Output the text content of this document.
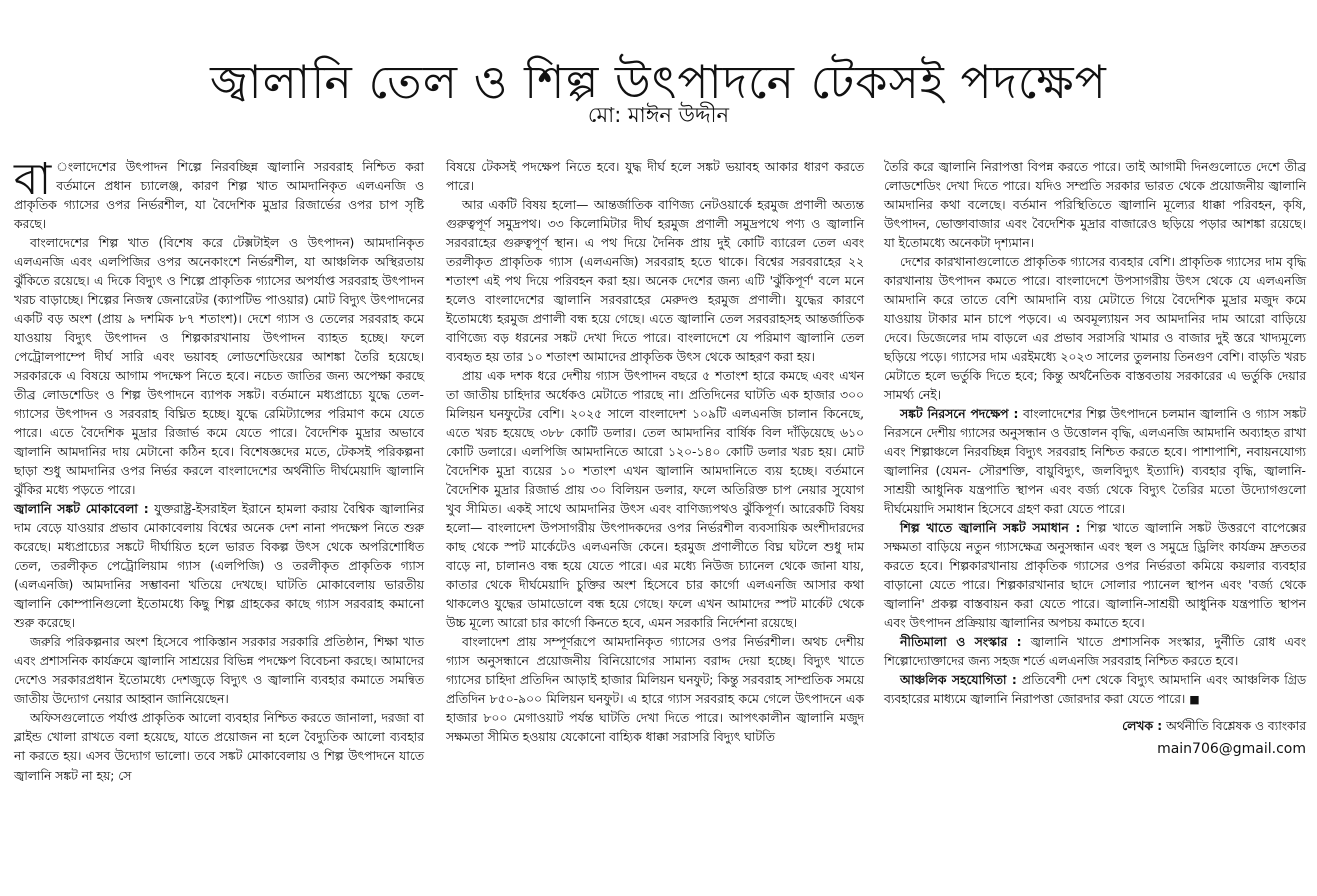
জ্বালানি তেল ও শিল্প উৎপাদনে টেকসই পদক্ষেপ
মো: মাঈন উদ্দীন

বা ংলাদেশের উৎপাদন শিল্পে নিরবচ্ছিন্ন জ্বালানি সরবরাহ নিশ্চিত করা বর্তমানে প্রধান চ্যালেঞ্জ, কারণ শিল্প খাত আমদানিকৃত এলএনজি ও প্রাকৃতিক গ্যাসের ওপর নির্ভরশীল, যা বৈদেশিক মুদ্রার রিজার্ভের ওপর চাপ সৃষ্টি করছে।

বাংলাদেশের শিল্প খাত (বিশেষ করে টেক্সটাইল ও উৎপাদন) আমদানিকৃত এলএনজি এবং এলপিজির ওপর অনেকাংশে নির্ভরশীল, যা আঞ্চলিক অস্থিরতায় ঝুঁকিতে রয়েছে। এ দিকে বিদ্যুৎ ও শিল্পে প্রাকৃতিক গ্যাসের অপর্যাপ্ত সরবরাহ উৎপাদন খরচ বাড়াচ্ছে। শিল্পের নিজস্ব জেনারেটর (ক্যাপটিভ পাওয়ার) মোট বিদ্যুৎ উৎপাদনের একটি বড় অংশ (প্রায় ৯ দশমিক ৮৭ শতাংশ)। দেশে গ্যাস ও তেলের সরবরাহ কমে যাওয়ায় বিদ্যুৎ উৎপাদন ও শিল্পকারখানায় উৎপাদন ব্যাহত হচ্ছে। ফলে পেট্রোলপাম্পে দীর্ঘ সারি এবং ভয়াবহ লোডশেডিংয়ের আশঙ্কা তৈরি হয়েছে। সরকারকে এ বিষয়ে আগাম পদক্ষেপ নিতে হবে। নচেত জাতির জন্য অপেক্ষা করছে তীব্র লোডশেডিং ও শিল্প উৎপাদনে ব্যাপক সঙ্কট। বর্তমানে মধ্যপ্রাচ্যে যুদ্ধে তেল-গ্যাসের উৎপাদন ও সরবরাহ বিঘ্নিত হচ্ছে। যুদ্ধে রেমিট্যান্সের পরিমাণ কমে যেতে পারে। এতে বৈদেশিক মুদ্রার রিজার্ভ কমে যেতে পারে। বৈদেশিক মুদ্রার অভাবে জ্বালানি আমদানির দায় মেটানো কঠিন হবে। বিশেষজ্ঞদের মতে, টেকসই পরিকল্পনা ছাড়া শুধু আমদানির ওপর নির্ভর করলে বাংলাদেশের অর্থনীতি দীর্ঘমেয়াদি জ্বালানি ঝুঁকির মধ্যে পড়তে পারে।

জ্বালানি সঙ্কট মোকাবেলা : যুক্তরাষ্ট্র-ইসরাইল ইরানে হামলা করায় বৈশ্বিক জ্বালানির দাম বেড়ে যাওয়ার প্রভাব মোকাবেলায় বিশ্বের অনেক দেশ নানা পদক্ষেপ নিতে শুরু করেছে। মধ্যপ্রাচ্যের সঙ্কটে দীর্ঘায়িত হলে ভারত বিকল্প উৎস থেকে অপরিশোধিত তেল, তরলীকৃত পেট্রোলিয়াম গ্যাস (এলপিজি) ও তরলীকৃত প্রাকৃতিক গ্যাস (এলএনজি) আমদানির সম্ভাবনা খতিয়ে দেখছে। ঘাটতি মোকাবেলায় ভারতীয় জ্বালানি কোম্পানিগুলো ইতোমধ্যে কিছু শিল্প গ্রাহকের কাছে গ্যাস সরবরাহ কমানো শুরু করেছে।

জরুরি পরিকল্পনার অংশ হিসেবে পাকিস্তান সরকার সরকারি প্রতিষ্ঠান, শিক্ষা খাত এবং প্রশাসনিক কার্যক্রমে জ্বালানি সাশ্রয়ের বিভিন্ন পদক্ষেপ বিবেচনা করছে। আমাদের দেশেও সরকারপ্রধান ইতোমধ্যে দেশজুড়ে বিদ্যুৎ ও জ্বালানি ব্যবহার কমাতে সমন্বিত জাতীয় উদ্যোগ নেয়ার আহ্বান জানিয়েছেন।

অফিসগুলোতে পর্যাপ্ত প্রাকৃতিক আলো ব্যবহার নিশ্চিত করতে জানালা, দরজা বা ব্লাইন্ড খোলা রাখতে বলা হয়েছে, যাতে প্রয়োজন না হলে বৈদ্যুতিক আলো ব্যবহার না করতে হয়। এসব উদ্যোগ ভালো। তবে সঙ্কট মোকাবেলায় ও শিল্প উৎপাদনে যাতে জ্বালানি সঙ্কট না হয়; সে

বিষয়ে টেকসই পদক্ষেপ নিতে হবে। যুদ্ধ দীর্ঘ হলে সঙ্কট ভয়াবহ আকার ধারণ করতে পারে।

আর একটি বিষয় হলো— আন্তর্জাতিক বাণিজ্য নেটওয়ার্কে হরমুজ প্রণালী অত্যন্ত গুরুত্বপূর্ণ সমুদ্রপথ। ৩৩ কিলোমিটার দীর্ঘ হরমুজ প্রণালী সমুদ্রপথে পণ্য ও জ্বালানি সরবরাহের গুরুত্বপূর্ণ স্থান। এ পথ দিয়ে দৈনিক প্রায় দুই কোটি ব্যারেল তেল এবং তরলীকৃত প্রাকৃতিক গ্যাস (এলএনজি) সরবরাহ হতে থাকে। বিশ্বের সরবরাহের ২২ শতাংশ এই পথ দিয়ে পরিবহন করা হয়। অনেক দেশের জন্য এটি 'ঝুঁকিপূর্ণ' বলে মনে হলেও বাংলাদেশের জ্বালানি সরবরাহের মেরুদণ্ড হরমুজ প্রণালী। যুদ্ধের কারণে ইতোমধ্যে হরমুজ প্রণালী বন্ধ হয়ে গেছে। এতে জ্বালানি তেল সরবরাহসহ আন্তর্জাতিক বাণিজ্যে বড় ধরনের সঙ্কট দেখা দিতে পারে। বাংলাদেশে যে পরিমাণ জ্বালানি তেল ব্যবহৃত হয় তার ১০ শতাংশ আমাদের প্রাকৃতিক উৎস থেকে আহরণ করা হয়।

প্রায় এক দশক ধরে দেশীয় গ্যাস উৎপাদন বছরে ৫ শতাংশ হারে কমছে এবং এখন তা জাতীয় চাহিদার অর্ধেকও মেটাতে পারছে না। প্রতিদিনের ঘাটতি এক হাজার ৩০০ মিলিয়ন ঘনফুটের বেশি। ২০২৫ সালে বাংলাদেশ ১০৯টি এলএনজি চালান কিনেছে, এতে খরচ হয়েছে ৩৮৮ কোটি ডলার। তেল আমদানির বার্ষিক বিল দাঁড়িয়েছে ৬১০ কোটি ডলারে। এলপিজি আমদানিতে আরো ১২০-১৪০ কোটি ডলার খরচ হয়। মোট বৈদেশিক মুদ্রা ব্যয়ের ১০ শতাংশ এখন জ্বালানি আমদানিতে ব্যয় হচ্ছে। বর্তমানে বৈদেশিক মুদ্রার রিজার্ভ প্রায় ৩০ বিলিয়ন ডলার, ফলে অতিরিক্ত চাপ নেয়ার সুযোগ খুব সীমিত। একই সাথে আমদানির উৎস এবং বাণিজ্যপথও ঝুঁকিপূর্ণ। আরেকটি বিষয় হলো— বাংলাদেশ উপসাগরীয় উৎপাদকদের ওপর নির্ভরশীল ব্যবসায়িক অংশীদারদের কাছ থেকে স্পট মার্কেটেও এলএনজি কেনে। হরমুজ প্রণালীতে বিঘ্ন ঘটলে শুধু দাম বাড়ে না, চালানও বন্ধ হয়ে যেতে পারে। এর মধ্যে নিউজ চ্যানেল থেকে জানা যায়, কাতার থেকে দীর্ঘমেয়াদি চুক্তির অংশ হিসেবে চার কার্গো এলএনজি আসার কথা থাকলেও যুদ্ধের ডামাডোলে বন্ধ হয়ে গেছে। ফলে এখন আমাদের স্পট মার্কেট থেকে উচ্চ মূল্যে আরো চার কার্গো কিনতে হবে, এমন সরকারি নির্দেশনা রয়েছে।

বাংলাদেশ প্রায় সম্পূর্ণরূপে আমদানিকৃত গ্যাসের ওপর নির্ভরশীল। অথচ দেশীয় গ্যাস অনুসন্ধানে প্রয়োজনীয় বিনিয়োগের সামান্য বরাদ্দ দেয়া হচ্ছে। বিদ্যুৎ খাতে গ্যাসের চাহিদা প্রতিদিন আড়াই হাজার মিলিয়ন ঘনফুট; কিন্তু সরবরাহ সাম্প্রতিক সময়ে প্রতিদিন ৮৫০-৯০০ মিলিয়ন ঘনফুট। এ হারে গ্যাস সরবরাহ কমে গেলে উৎপাদনে এক হাজার ৮০০ মেগাওয়াট পর্যন্ত ঘাটতি দেখা দিতে পারে। আপৎকালীন জ্বালানি মজুদ সক্ষমতা সীমিত হওয়ায় যেকোনো বাহ্যিক ধাক্কা সরাসরি বিদ্যুৎ ঘাটতি

তৈরি করে জ্বালানি নিরাপত্তা বিপন্ন করতে পারে। তাই আগামী দিনগুলোতে দেশে তীব্র লোডশেডিং দেখা দিতে পারে। যদিও সম্প্রতি সরকার ভারত থেকে প্রয়োজনীয় জ্বালানি আমদানির কথা বলেছে। বর্তমান পরিস্থিতিতে জ্বালানি মূল্যের ধাক্কা পরিবহন, কৃষি, উৎপাদন, ভোক্তাবাজার এবং বৈদেশিক মুদ্রার বাজারেও ছড়িয়ে পড়ার আশঙ্কা রয়েছে। যা ইতোমধ্যে অনেকটা দৃশ্যমান।

দেশের কারখানাগুলোতে প্রাকৃতিক গ্যাসের ব্যবহার বেশি। প্রাকৃতিক গ্যাসের দাম বৃদ্ধি কারখানায় উৎপাদন কমতে পারে। বাংলাদেশে উপসাগরীয় উৎস থেকে যে এলএনজি আমদানি করে তাতে বেশি আমদানি ব্যয় মেটাতে গিয়ে বৈদেশিক মুদ্রার মজুদ কমে যাওয়ায় টাকার মান চাপে পড়বে। এ অবমূল্যায়ন সব আমদানির দাম আরো বাড়িয়ে দেবে। ডিজেলের দাম বাড়লে এর প্রভাব সরাসরি খামার ও বাজার দুই স্তরে খাদ্যমূল্যে ছড়িয়ে পড়ে। গ্যাসের দাম এরইমধ্যে ২০২৩ সালের তুলনায় তিনগুণ বেশি। বাড়তি খরচ মেটাতে হলে ভর্তুকি দিতে হবে; কিন্তু অর্থনৈতিক বাস্তবতায় সরকারের এ ভর্তুকি দেয়ার সামর্থ্য নেই।

সঙ্কট নিরসনে পদক্ষেপ : বাংলাদেশের শিল্প উৎপাদনে চলমান জ্বালানি ও গ্যাস সঙ্কট নিরসনে দেশীয় গ্যাসের অনুসন্ধান ও উত্তোলন বৃদ্ধি, এলএনজি আমদানি অব্যাহত রাখা এবং শিল্পাঞ্চলে নিরবচ্ছিন্ন বিদ্যুৎ সরবরাহ নিশ্চিত করতে হবে। পাশাপাশি, নবায়নযোগ্য জ্বালানির (যেমন- সৌরশক্তি, বায়ুবিদ্যুৎ, জলবিদ্যুৎ ইত্যাদি) ব্যবহার বৃদ্ধি, জ্বালানি-সাশ্রয়ী আধুনিক যন্ত্রপাতি স্থাপন এবং বর্জ্য থেকে বিদ্যুৎ তৈরির মতো উদ্যোগগুলো দীর্ঘমেয়াদি সমাধান হিসেবে গ্রহণ করা যেতে পারে।

শিল্প খাতে জ্বালানি সঙ্কট সমাধান : শিল্প খাতে জ্বালানি সঙ্কট উত্তরণে বাপেক্সের সক্ষমতা বাড়িয়ে নতুন গ্যাসক্ষেত্র অনুসন্ধান এবং স্থল ও সমুদ্রে ড্রিলিং কার্যক্রম দ্রুততর করতে হবে। শিল্পকারখানায় প্রাকৃতিক গ্যাসের ওপর নির্ভরতা কমিয়ে কয়লার ব্যবহার বাড়ানো যেতে পারে। শিল্পকারখানার ছাদে সোলার প্যানেল স্থাপন এবং 'বর্জ্য থেকে জ্বালানি' প্রকল্প বাস্তবায়ন করা যেতে পারে। জ্বালানি-সাশ্রয়ী আধুনিক যন্ত্রপাতি স্থাপন এবং উৎপাদন প্রক্রিয়ায় জ্বালানির অপচয় কমাতে হবে।

নীতিমালা ও সংস্কার : জ্বালানি খাতে প্রশাসনিক সংস্কার, দুর্নীতি রোধ এবং শিল্পোদ্যোক্তাদের জন্য সহজ শর্তে এলএনজি সরবরাহ নিশ্চিত করতে হবে।

আঞ্চলিক সহযোগিতা : প্রতিবেশী দেশ থেকে বিদ্যুৎ আমদানি এবং আঞ্চলিক গ্রিড ব্যবহারের মাধ্যমে জ্বালানি নিরাপত্তা জোরদার করা যেতে পারে। ■

লেখক : অর্থনীতি বিশ্লেষক ও ব্যাংকার
main706@gmail.com
